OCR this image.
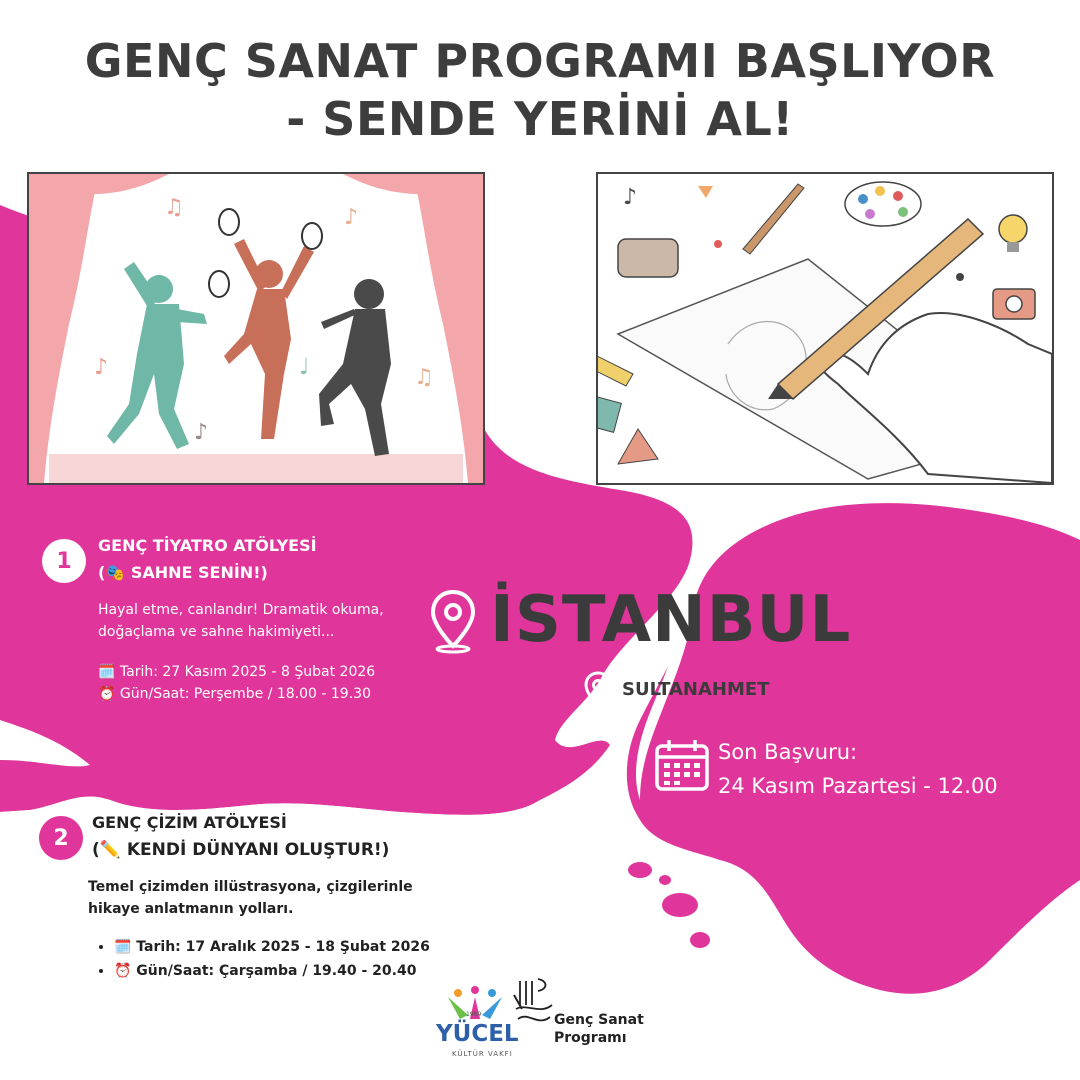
GENÇ SANAT PROGRAMI BAŞLIYOR
- SENDE YERİNİ AL!
♫	♪
♪	♩	♫
♪
♪
1
GENÇ TİYATRO ATÖLYESİ
(🎭 SAHNE SENİN!)
Hayal etme, canlandır! Dramatik okuma,
doğaçlama ve sahne hakimiyeti...
🗓️ Tarih: 27 Kasım 2025 - 8 Şubat 2026
⏰ Gün/Saat: Perşembe / 18.00 - 19.30
İSTANBUL
SULTANAHMET
Son Başvuru:
24 Kasım Pazartesi - 12.00
2
GENÇ ÇİZİM ATÖLYESİ
(✏️ KENDİ DÜNYANI OLUŞTUR!)
Temel çizimden illüstrasyona, çizgilerinle
hikaye anlatmanın yolları.
• 🗓️ Tarih: 17 Aralık 2025 - 18 Şubat 2026
• ⏰ Gün/Saat: Çarşamba / 19.40 - 20.40
1969
YÜCEL
KÜLTÜR VAKFI
Genç Sanat
Programı
